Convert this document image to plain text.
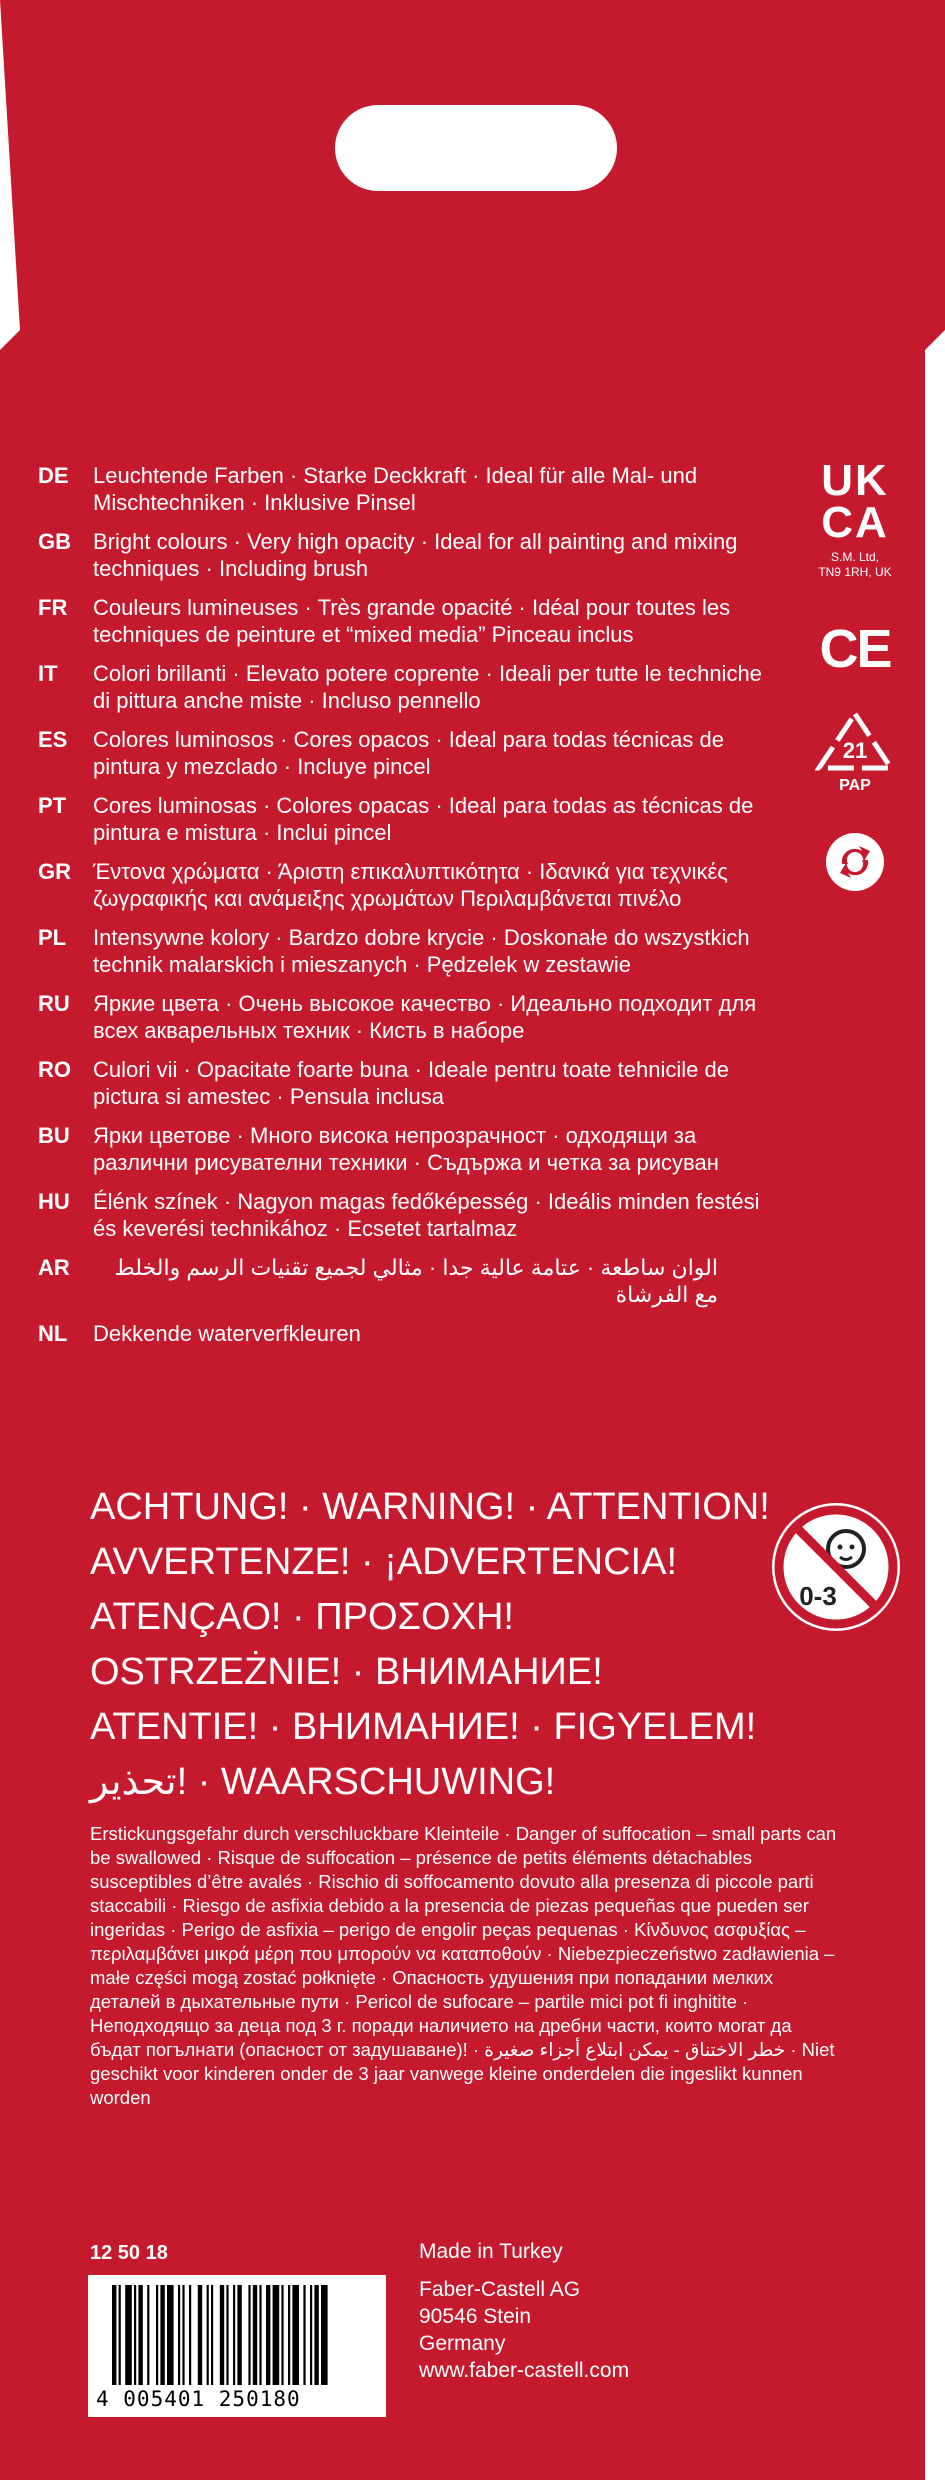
DE	Leuchtende Farben · Starke Deckkraft · Ideal für alle Mal- und Mischtechniken · Inklusive Pinsel
GB	Bright colours · Very high opacity · Ideal for all painting and mixing techniques · Including brush
FR	Couleurs lumineuses · Très grande opacité · Idéal pour toutes les techniques de peinture et “mixed media” Pinceau inclus
IT	Colori brillanti · Elevato potere coprente · Ideali per tutte le techniche di pittura anche miste · Incluso pennello
ES	Colores luminosos · Cores opacos · Ideal para todas técnicas de pintura y mezclado · Incluye pincel
PT	Cores luminosas · Colores opacas · Ideal para todas as técnicas de pintura e mistura · Inclui pincel
GR	Έντονα χρώματα · Άριστη επικαλυπτικότητα · Ιδανικά για τεχνικές ζωγραφικής και ανάμειξης χρωμάτων Περιλαμβάνεται πινέλο
PL	Intensywne kolory · Bardzo dobre krycie · Doskonałe do wszystkich technik malarskich i mieszanych · Pędzelek w zestawie
RU	Яркие цвета · Очень высокое качество · Идеально подходит для всех акварельных техник · Кисть в наборе
RO	Culori vii · Opacitate foarte buna · Ideale pentru toate tehnicile de pictura si amestec · Pensula inclusa
BU	Ярки цветове · Много висока непрозрачност · одходящи за различни рисувателни техники · Съдържа и четка за рисуван
HU	Élénk színek · Nagyon magas fedőképesség · Ideális minden festési és keverési technikához · Ecsetet tartalmaz
AR	الوان ساطعة · عتامة عالية جدا · مثالي لجميع تقنيات الرسم والخلط مع الفرشاة
NL	Dekkende waterverfkleuren
UK
CA
S.M. Ltd,
TN9 1RH, UK
CE
21
PAP
ACHTUNG! · WARNING! · ATTENTION!
AVVERTENZE! · ¡ADVERTENCIA!
ATENÇAO! · ΠΡΟΣΟΧΗ!
OSTRZEŻNIE! · ВНИМАНИЕ!
ATENTIE! · ВНИМАНИЕ! · FIGYELEM!
تحذير! · WAARSCHUWING!
0-3
Erstickungsgefahr durch verschluckbare Kleinteile · Danger of suffocation – small parts can be swallowed · Risque de suffocation – présence de petits éléments détachables susceptibles d’être avalés · Rischio di soffocamento dovuto alla presenza di piccole parti staccabili · Riesgo de asfixia debido a la presencia de piezas pequeñas que pueden ser ingeridas · Perigo de asfixia – perigo de engolir peças pequenas · Κίνδυνος ασφυξίας – περιλαμβάνει μικρά μέρη που μπορούν να καταποθούν · Niebezpieczeństwo zadławienia – małe części mogą zostać połknięte · Опасность удушения при попадании мелких деталей в дыхательные пути · Pericol de sufocare – partile mici pot fi inghitite · Неподходящо за деца под 3 г. поради наличието на дребни части, които могат да бъдат погълнати (опасност от задушаване)! · خطر الاختناق - يمكن ابتلاع أجزاء صغيرة · Niet geschikt voor kinderen onder de 3 jaar vanwege kleine onderdelen die ingeslikt kunnen worden
12 50 18
4 005401 250180
Made in Turkey
Faber-Castell AG
90546 Stein
Germany
www.faber-castell.com
